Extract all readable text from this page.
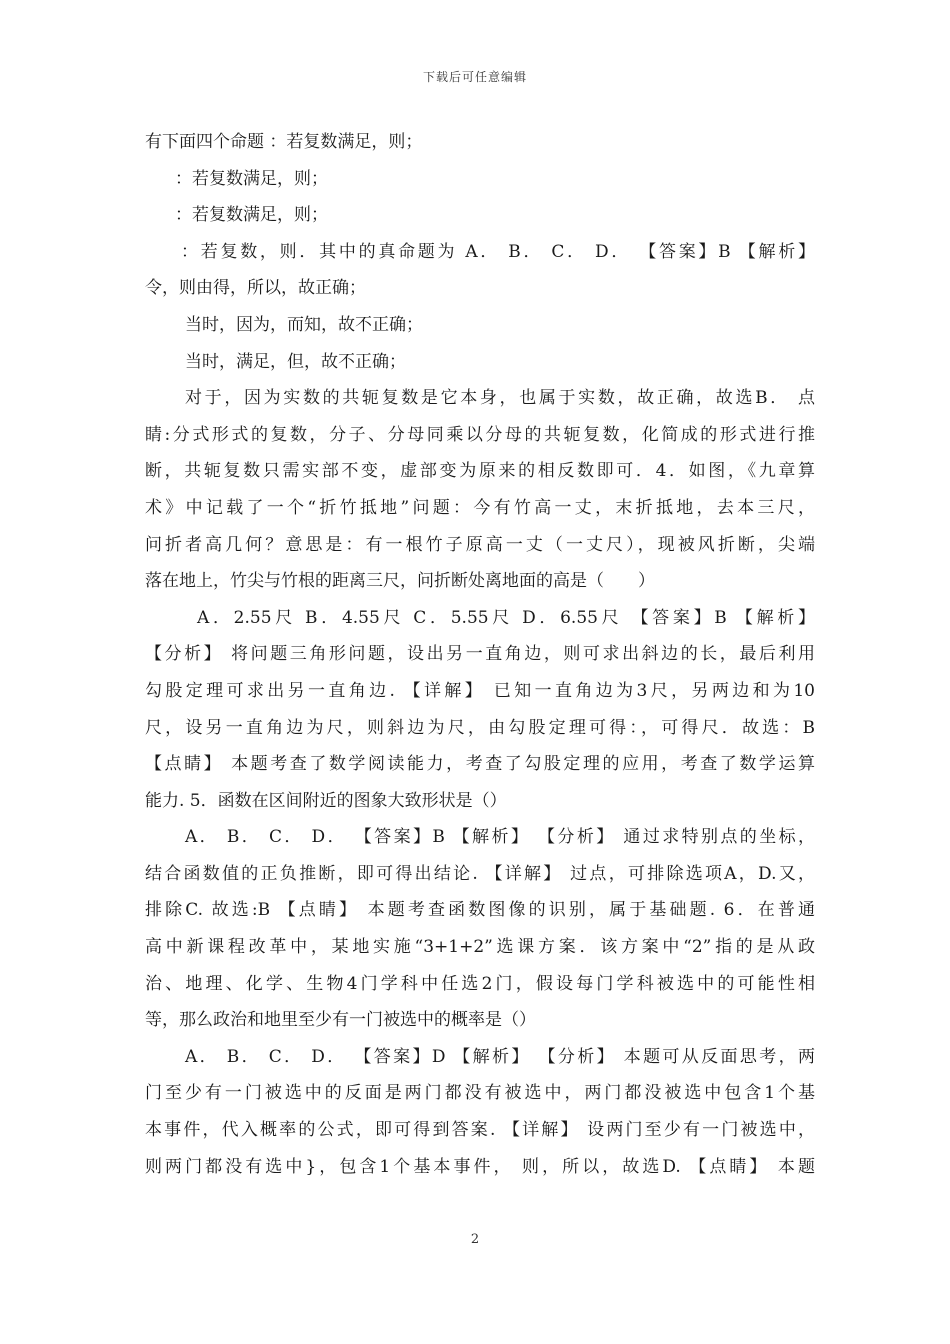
下载后可任意编辑
有下面四个命题 ：若复数满足，则；
：若复数满足，则；
：若复数满足，则；
：若复数，则．其中的真命题为 A． B． C． D． 【答案】B 【解析】
令，则由得，所以，故正确；
当时，因为，而知，故不正确；
当时，满足，但，故不正确；
对于，因为实数的共轭复数是它本身，也属于实数，故正确，故选B． 点
睛:分式形式的复数，分子、分母同乘以分母的共轭复数，化简成的形式进行推
断，共轭复数只需实部不变，虚部变为原来的相反数即可．4．如图，《九章算
术》中记载了一个“折竹抵地”问题：今有竹高一丈，末折抵地，去本三尺，
问折者高几何？意思是：有一根竹子原高一丈（一丈尺），现被风折断，尖端
落在地上，竹尖与竹根的距离三尺，问折断处离地面的高是（　　）
A．2.55尺 B．4.55尺 C．5.55尺 D．6.55尺 【答案】B 【解析】
【分析】 将问题三角形问题，设出另一直角边，则可求出斜边的长，最后利用
勾股定理可求出另一直角边. 【详解】 已知一直角边为3尺，另两边和为10
尺，设另一直角边为尺，则斜边为尺，由勾股定理可得：，可得尺．故选：B
【点睛】 本题考查了数学阅读能力，考查了勾股定理的应用，考查了数学运算
能力. 5．函数在区间附近的图象大致形状是（）
A． B． C． D． 【答案】B 【解析】 【分析】 通过求特别点的坐标，
结合函数值的正负推断，即可得出结论. 【详解】 过点，可排除选项A，D.又，
排除C. 故选:B 【点睛】 本题考查函数图像的识别，属于基础题. 6．在普通
高中新课程改革中，某地实施“3+1+2”选课方案．该方案中“2”指的是从政
治、地理、化学、生物4门学科中任选2门，假设每门学科被选中的可能性相
等，那么政治和地里至少有一门被选中的概率是（）
A． B． C． D． 【答案】D 【解析】 【分析】 本题可从反面思考，两
门至少有一门被选中的反面是两门都没有被选中，两门都没被选中包含1个基
本事件，代入概率的公式，即可得到答案. 【详解】 设两门至少有一门被选中，
则两门都没有选中}，包含1个基本事件， 则，所以，故选D. 【点睛】 本题
2
